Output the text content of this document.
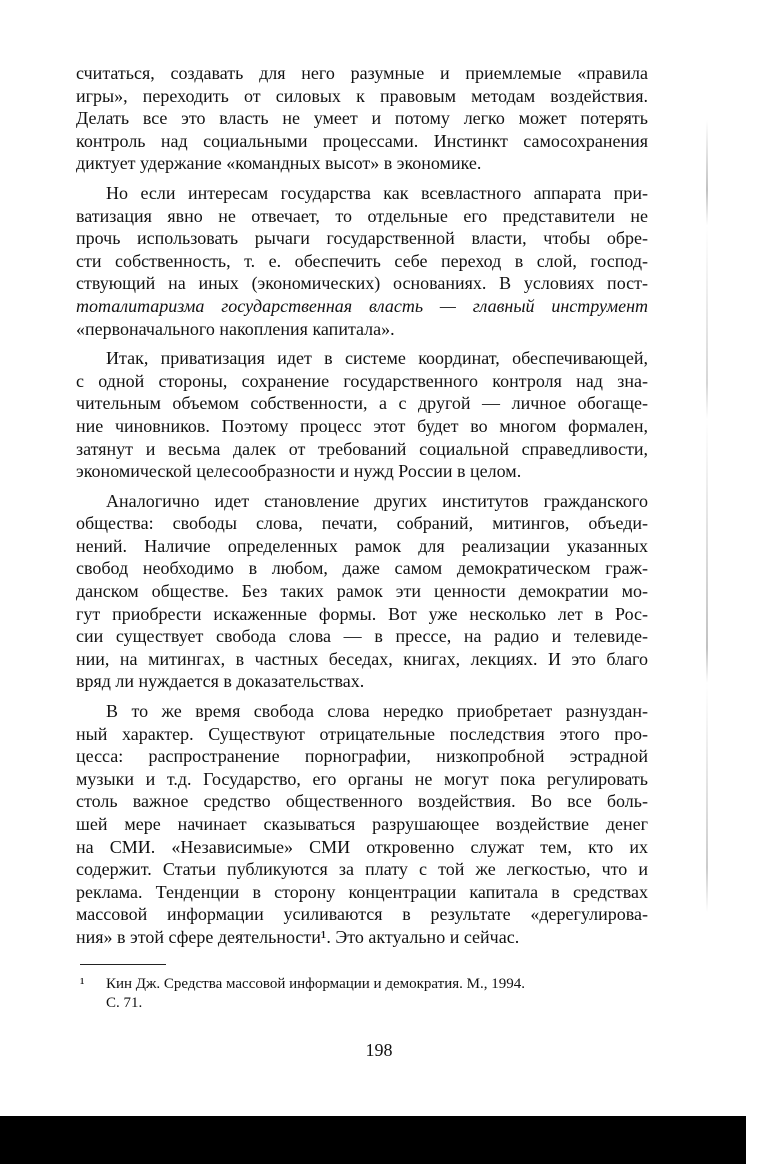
считаться, создавать для него разумные и приемлемые «правила
игры», переходить от силовых к правовым методам воздействия.
Делать все это власть не умеет и потому легко может потерять
контроль над социальными процессами. Инстинкт самосохранения
диктует удержание «командных высот» в экономике.
Но если интересам государства как всевластного аппарата при-
ватизация явно не отвечает, то отдельные его представители не
прочь использовать рычаги государственной власти, чтобы обре-
сти собственность, т. е. обеспечить себе переход в слой, господ-
ствующий на иных (экономических) основаниях. В условиях пост-
тоталитаризма государственная власть — главный инструмент
«первоначального накопления капитала».
Итак, приватизация идет в системе координат, обеспечивающей,
с одной стороны, сохранение государственного контроля над зна-
чительным объемом собственности, а с другой — личное обогаще-
ние чиновников. Поэтому процесс этот будет во многом формален,
затянут и весьма далек от требований социальной справедливости,
экономической целесообразности и нужд России в целом.
Аналогично идет становление других институтов гражданского
общества: свободы слова, печати, собраний, митингов, объеди-
нений. Наличие определенных рамок для реализации указанных
свобод необходимо в любом, даже самом демократическом граж-
данском обществе. Без таких рамок эти ценности демократии мо-
гут приобрести искаженные формы. Вот уже несколько лет в Рос-
сии существует свобода слова — в прессе, на радио и телевиде-
нии, на митингах, в частных беседах, книгах, лекциях. И это благо
вряд ли нуждается в доказательствах.
В то же время свобода слова нередко приобретает разнуздан-
ный характер. Существуют отрицательные последствия этого про-
цесса: распространение порнографии, низкопробной эстрадной
музыки и т.д. Государство, его органы не могут пока регулировать
столь важное средство общественного воздействия. Во все боль-
шей мере начинает сказываться разрушающее воздействие денег
на СМИ. «Независимые» СМИ откровенно служат тем, кто их
содержит. Статьи публикуются за плату с той же легкостью, что и
реклама. Тенденции в сторону концентрации капитала в средствах
массовой информации усиливаются в результате «дерегулирова-
ния» в этой сфере деятельности¹. Это актуально и сейчас.
¹ Кин Дж. Средства массовой информации и демократия. М., 1994.
С. 71.
198
